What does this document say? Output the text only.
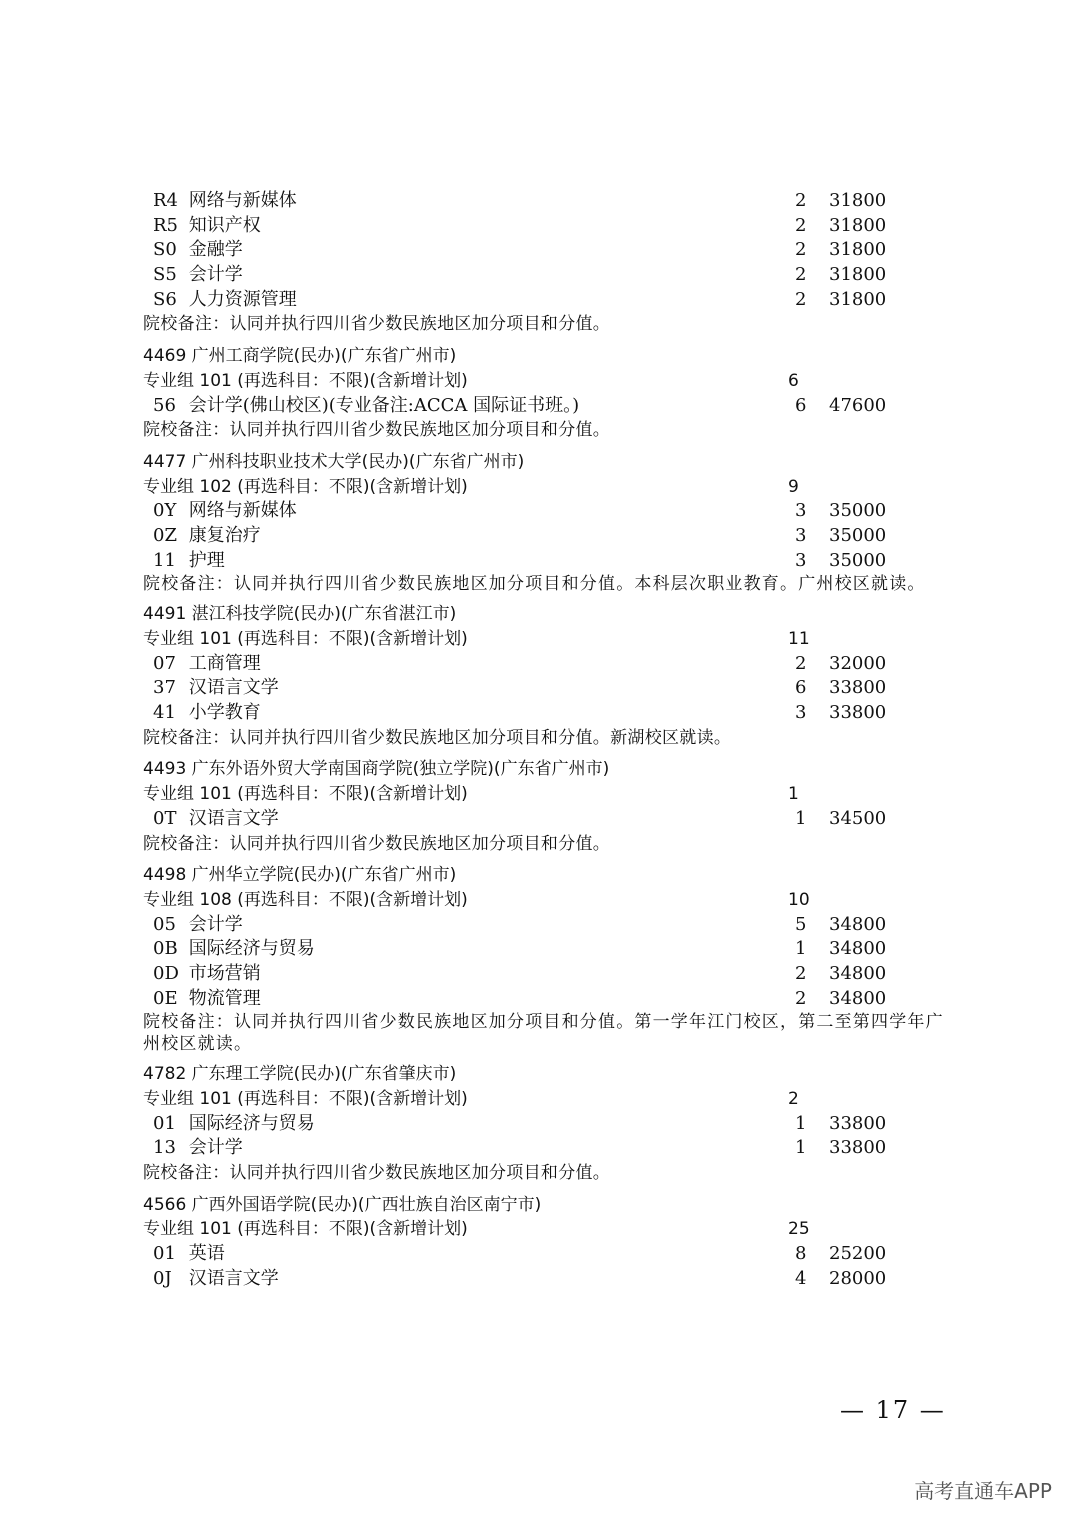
R4 网络与新媒体	2 31800
R5 知识产权	2 31800
S0 金融学	2 31800
S5 会计学	2 31800
S6 人力资源管理	2 31800
院校备注：认同并执行四川省少数民族地区加分项目和分值。
4469 广州工商学院(民办)(广东省广州市)
专业组 101 (再选科目：不限)(含新增计划)	6
56 会计学(佛山校区)(专业备注:ACCA 国际证书班。)	6 47600
院校备注：认同并执行四川省少数民族地区加分项目和分值。
4477 广州科技职业技术大学(民办)(广东省广州市)
专业组 102 (再选科目：不限)(含新增计划)	9
0Y 网络与新媒体	3 35000
0Z 康复治疗	3 35000
11 护理	3 35000
院校备注：认同并执行四川省少数民族地区加分项目和分值。本科层次职业教育。广州校区就读。
4491 湛江科技学院(民办)(广东省湛江市)
专业组 101 (再选科目：不限)(含新增计划)	11
07 工商管理	2 32000
37 汉语言文学	6 33800
41 小学教育	3 33800
院校备注：认同并执行四川省少数民族地区加分项目和分值。新湖校区就读。
4493 广东外语外贸大学南国商学院(独立学院)(广东省广州市)
专业组 101 (再选科目：不限)(含新增计划)	1
0T 汉语言文学	1 34500
院校备注：认同并执行四川省少数民族地区加分项目和分值。
4498 广州华立学院(民办)(广东省广州市)
专业组 108 (再选科目：不限)(含新增计划)	10
05 会计学	5 34800
0B 国际经济与贸易	1 34800
0D 市场营销	2 34800
0E 物流管理	2 34800
院校备注：认同并执行四川省少数民族地区加分项目和分值。第一学年江门校区，第二至第四学年广州校区就读。
4782 广东理工学院(民办)(广东省肇庆市)
专业组 101 (再选科目：不限)(含新增计划)	2
01 国际经济与贸易	1 33800
13 会计学	1 33800
院校备注：认同并执行四川省少数民族地区加分项目和分值。
4566 广西外国语学院(民办)(广西壮族自治区南宁市)
专业组 101 (再选科目：不限)(含新增计划)	25
01 英语	8 25200
0J 汉语言文学	4 28000
— 17 —
高考直通车APP
